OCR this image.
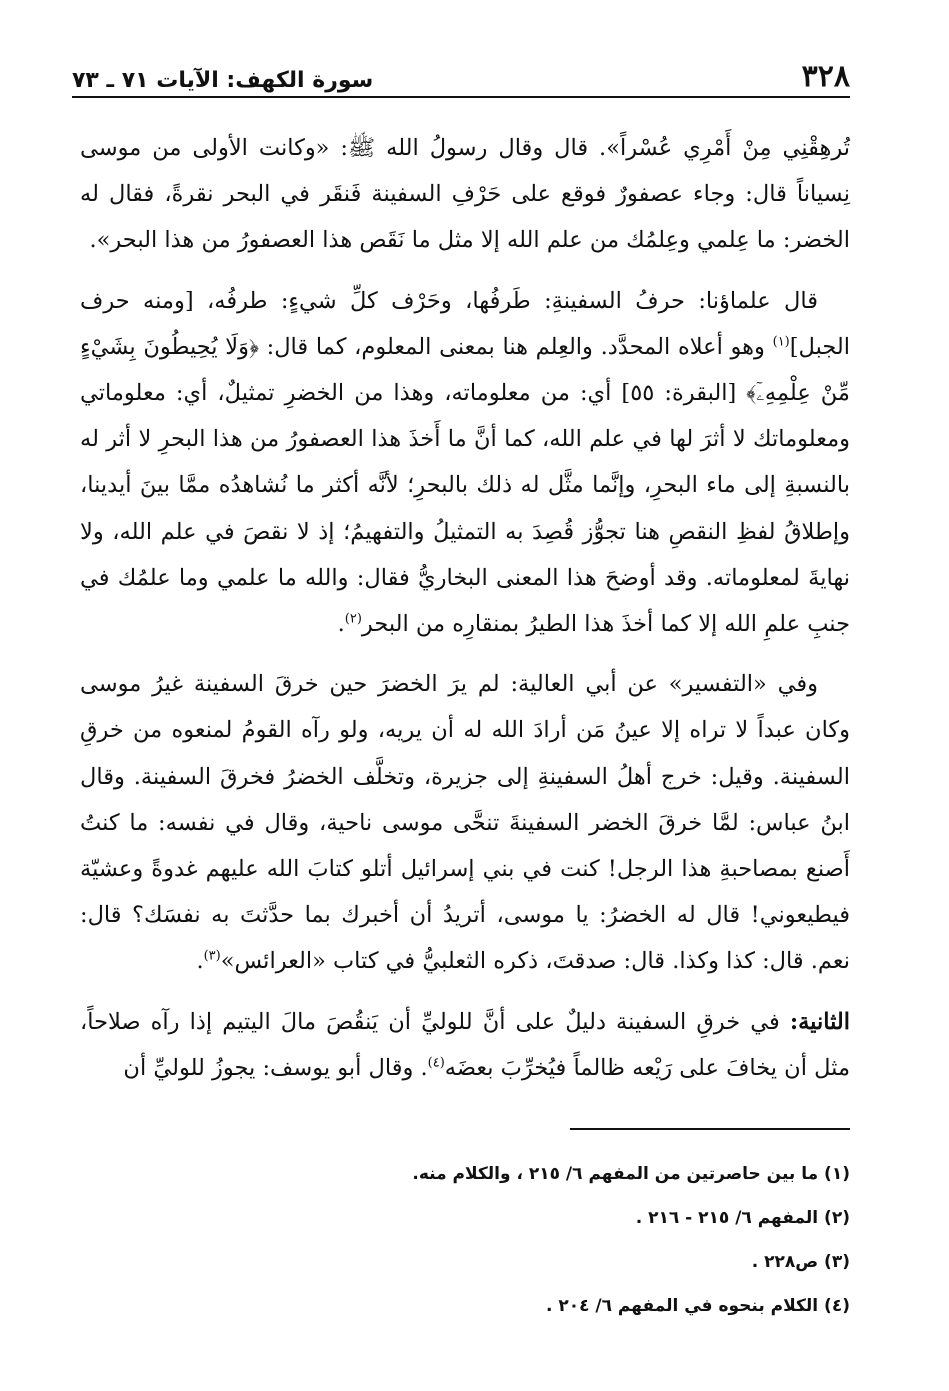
٣٢٨
سورة الكهف: الآيات ٧١ ـ ٧٣

تُرهِقْنِي مِنْ أَمْرِي عُسْراً». قال وقال رسولُ الله ﷺ: «وكانت الأولى من موسى نِسياناً قال: وجاء عصفورٌ فوقع على حَرْفِ السفينة فَنقَر في البحر نقرةً، فقال له الخضر: ما عِلمي وعِلمُك من علم الله إلا مثل ما نَقَص هذا العصفورُ من هذا البحر».

قال علماؤنا: حرفُ السفينةِ: طَرفُها، وحَرْف كلِّ شيءٍ: طرفُه، [ومنه حرف الجبل]$^{(١)}$ وهو أعلاه المحدَّد. والعِلم هنا بمعنى المعلوم، كما قال: ﴿وَلَا يُحِيطُونَ بِشَيْءٍ مِّنْ عِلْمِهِۦٓ﴾ [البقرة: ٥٥] أي: من معلوماته، وهذا من الخضرِ تمثيلٌ، أي: معلوماتي ومعلوماتك لا أثرَ لها في علم الله، كما أنَّ ما أَخذَ هذا العصفورُ من هذا البحرِ لا أثر له بالنسبةِ إلى ماء البحرِ، وإنَّما مثَّل له ذلك بالبحرِ؛ لأنَّه أكثر ما نُشاهدُه ممَّا بينَ أيدينا، وإطلاقُ لفظِ النقصِ هنا تجوُّز قُصِدَ به التمثيلُ والتفهيمُ؛ إذ لا نقصَ في علم الله، ولا نهايةَ لمعلوماته. وقد أوضحَ هذا المعنى البخاريُّ فقال: والله ما علمي وما علمُك في جنبِ علمِ الله إلا كما أخذَ هذا الطيرُ بمنقارِه من البحر$^{(٢)}$.

وفي «التفسير» عن أبي العالية: لم يرَ الخضرَ حين خرقَ السفينة غيرُ موسى وكان عبداً لا تراه إلا عينُ مَن أرادَ الله له أن يريه، ولو رآه القومُ لمنعوه من خرقِ السفينة. وقيل: خرج أهلُ السفينةِ إلى جزيرة، وتخلَّف الخضرُ فخرقَ السفينة. وقال ابنُ عباس: لمَّا خرقَ الخضر السفينةَ تنحَّى موسى ناحية، وقال في نفسه: ما كنتُ أَصنع بمصاحبةِ هذا الرجل! كنت في بني إسرائيل أتلو كتابَ الله عليهم غدوةً وعشيّة فيطيعوني! قال له الخضرُ: يا موسى، أتريدُ أن أخبرك بما حدَّثتَ به نفسَك؟ قال: نعم. قال: كذا وكذا. قال: صدقتَ، ذكره الثعلبيُّ في كتاب «العرائس»$^{(٣)}$.

الثانية: في خرقِ السفينة دليلٌ على أنَّ للوليِّ أن يَنقُصَ مالَ اليتيم إذا رآه صلاحاً، مثل أن يخافَ على رَيْعه ظالماً فيُخرِّبَ بعضَه$^{(٤)}$. وقال أبو يوسف: يجوزُ للوليِّ أن

(١) ما بين حاصرتين من المفهم ٦/ ٢١٥ ، والكلام منه.
(٢) المفهم ٦/ ٢١٥ - ٢١٦ .
(٣) ص٢٢٨ .
(٤) الكلام بنحوه في المفهم ٦/ ٢٠٤ .
